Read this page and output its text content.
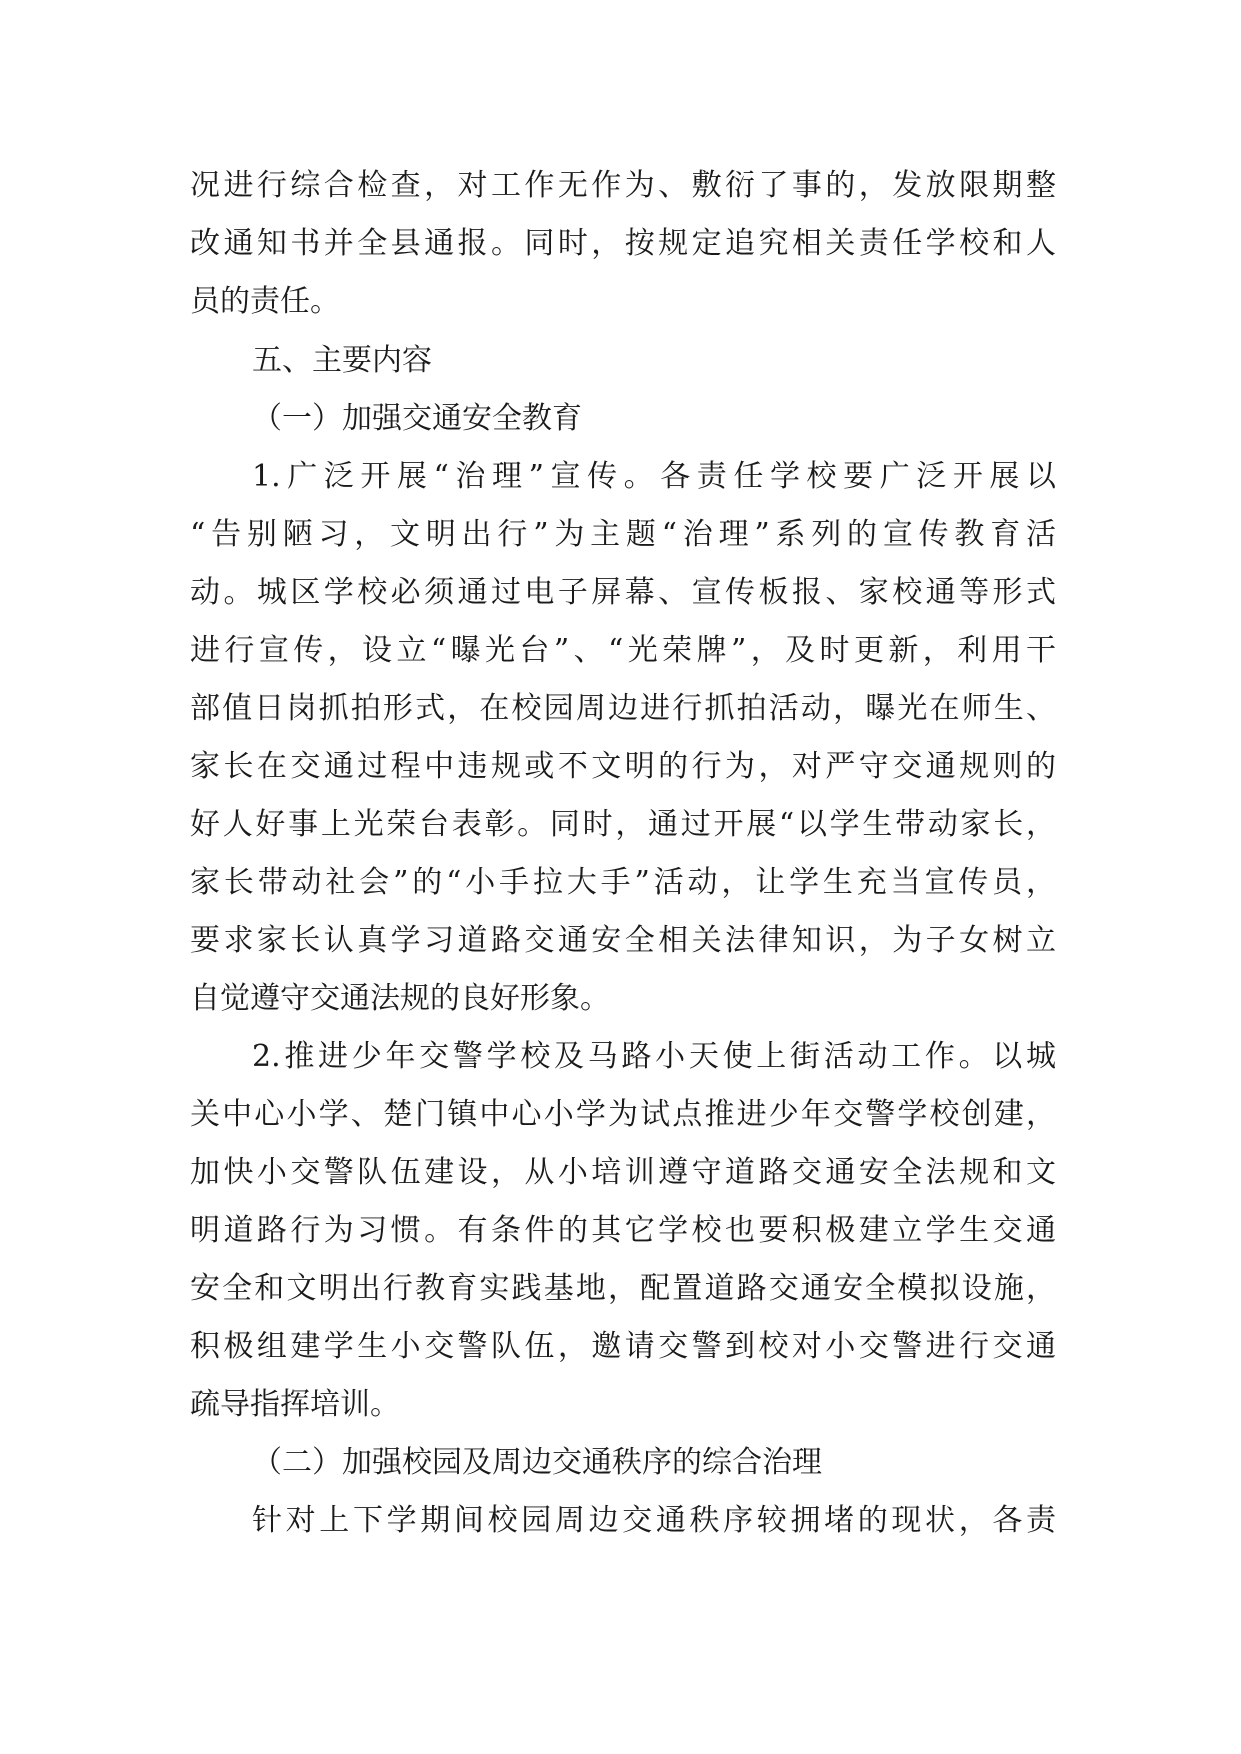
况进行综合检查，对工作无作为、敷衍了事的，发放限期整
改通知书并全县通报。同时，按规定追究相关责任学校和人
员的责任。
五、主要内容
（一）加强交通安全教育
1.广泛开展“治理”宣传。各责任学校要广泛开展以
“告别陋习，文明出行”为主题“治理”系列的宣传教育活
动。城区学校必须通过电子屏幕、宣传板报、家校通等形式
进行宣传，设立“曝光台”、“光荣牌”，及时更新，利用干
部值日岗抓拍形式，在校园周边进行抓拍活动，曝光在师生、
家长在交通过程中违规或不文明的行为，对严守交通规则的
好人好事上光荣台表彰。同时，通过开展“以学生带动家长，
家长带动社会”的“小手拉大手”活动，让学生充当宣传员，
要求家长认真学习道路交通安全相关法律知识，为子女树立
自觉遵守交通法规的良好形象。
2.推进少年交警学校及马路小天使上街活动工作。以城
关中心小学、楚门镇中心小学为试点推进少年交警学校创建，
加快小交警队伍建设，从小培训遵守道路交通安全法规和文
明道路行为习惯。有条件的其它学校也要积极建立学生交通
安全和文明出行教育实践基地，配置道路交通安全模拟设施，
积极组建学生小交警队伍，邀请交警到校对小交警进行交通
疏导指挥培训。
（二）加强校园及周边交通秩序的综合治理
针对上下学期间校园周边交通秩序较拥堵的现状，各责
